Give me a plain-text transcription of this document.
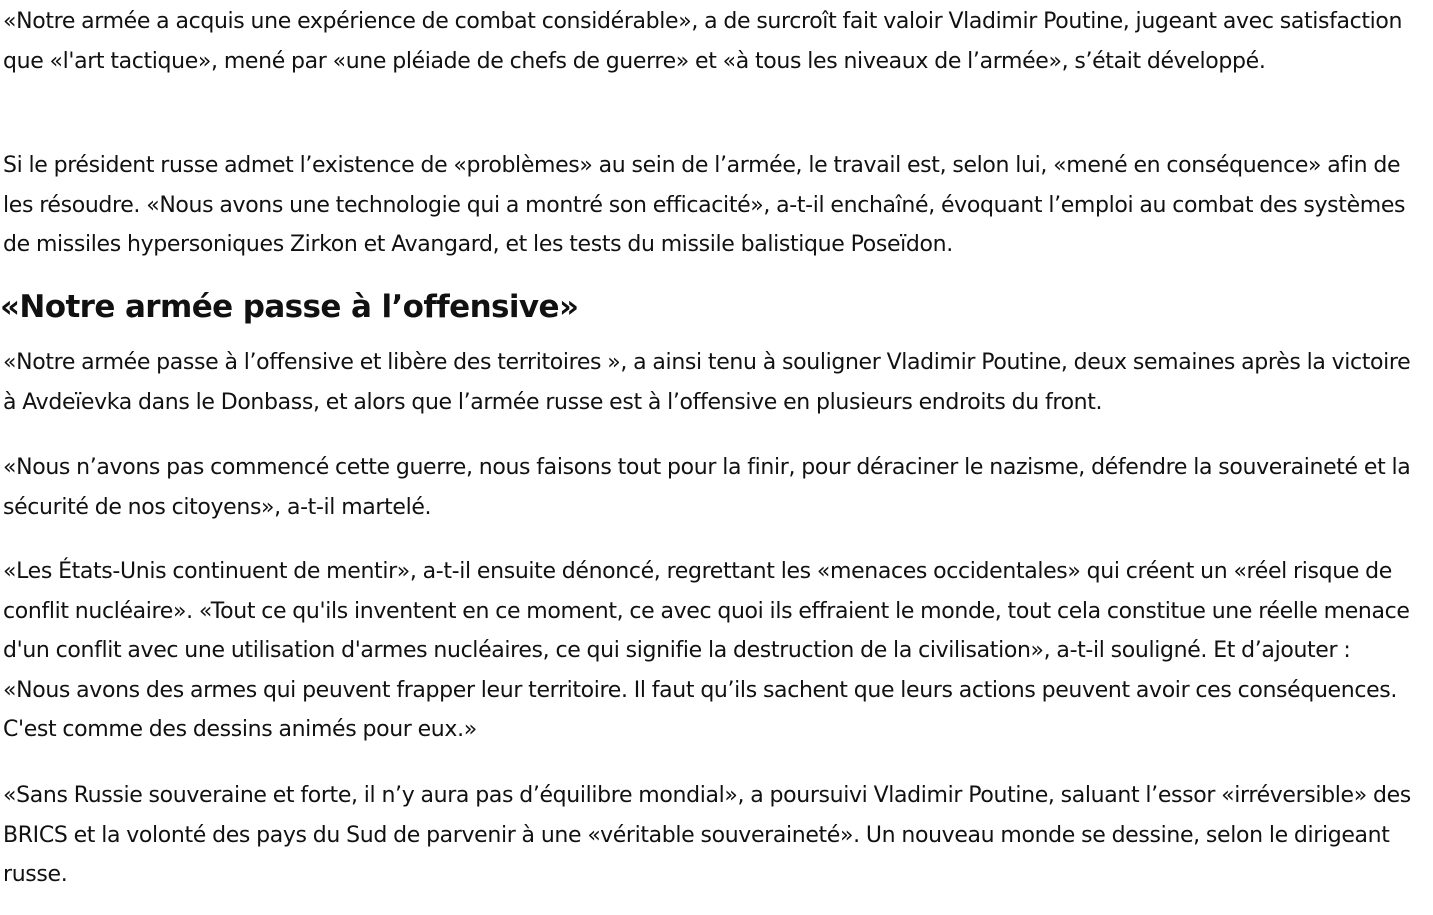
«Notre armée a acquis une expérience de combat considérable», a de surcroît fait valoir Vladimir Poutine, jugeant avec satisfaction que «l'art tactique», mené par «une pléiade de chefs de guerre» et «à tous les niveaux de l’armée», s’était développé.

Si le président russe admet l’existence de «problèmes» au sein de l’armée, le travail est, selon lui, «mené en conséquence» afin de les résoudre. «Nous avons une technologie qui a montré son efficacité», a-t-il enchaîné, évoquant l’emploi au combat des systèmes de missiles hypersoniques Zirkon et Avangard, et les tests du missile balistique Poseïdon.

«Notre armée passe à l’offensive»

«Notre armée passe à l’offensive et libère des territoires », a ainsi tenu à souligner Vladimir Poutine, deux semaines après la victoire à Avdeïevka dans le Donbass, et alors que l’armée russe est à l’offensive en plusieurs endroits du front.

«Nous n’avons pas commencé cette guerre, nous faisons tout pour la finir, pour déraciner le nazisme, défendre la souveraineté et la sécurité de nos citoyens», a-t-il martelé.

«Les États-Unis continuent de mentir», a-t-il ensuite dénoncé, regrettant les «menaces occidentales» qui créent un «réel risque de conflit nucléaire». «Tout ce qu'ils inventent en ce moment, ce avec quoi ils effraient le monde, tout cela constitue une réelle menace d'un conflit avec une utilisation d'armes nucléaires, ce qui signifie la destruction de la civilisation», a-t-il souligné. Et d’ajouter : «Nous avons des armes qui peuvent frapper leur territoire. Il faut qu’ils sachent que leurs actions peuvent avoir ces conséquences. C'est comme des dessins animés pour eux.»

«Sans Russie souveraine et forte, il n’y aura pas d’équilibre mondial», a poursuivi Vladimir Poutine, saluant l’essor «irréversible» des BRICS et la volonté des pays du Sud de parvenir à une «véritable souveraineté». Un nouveau monde se dessine, selon le dirigeant russe.
